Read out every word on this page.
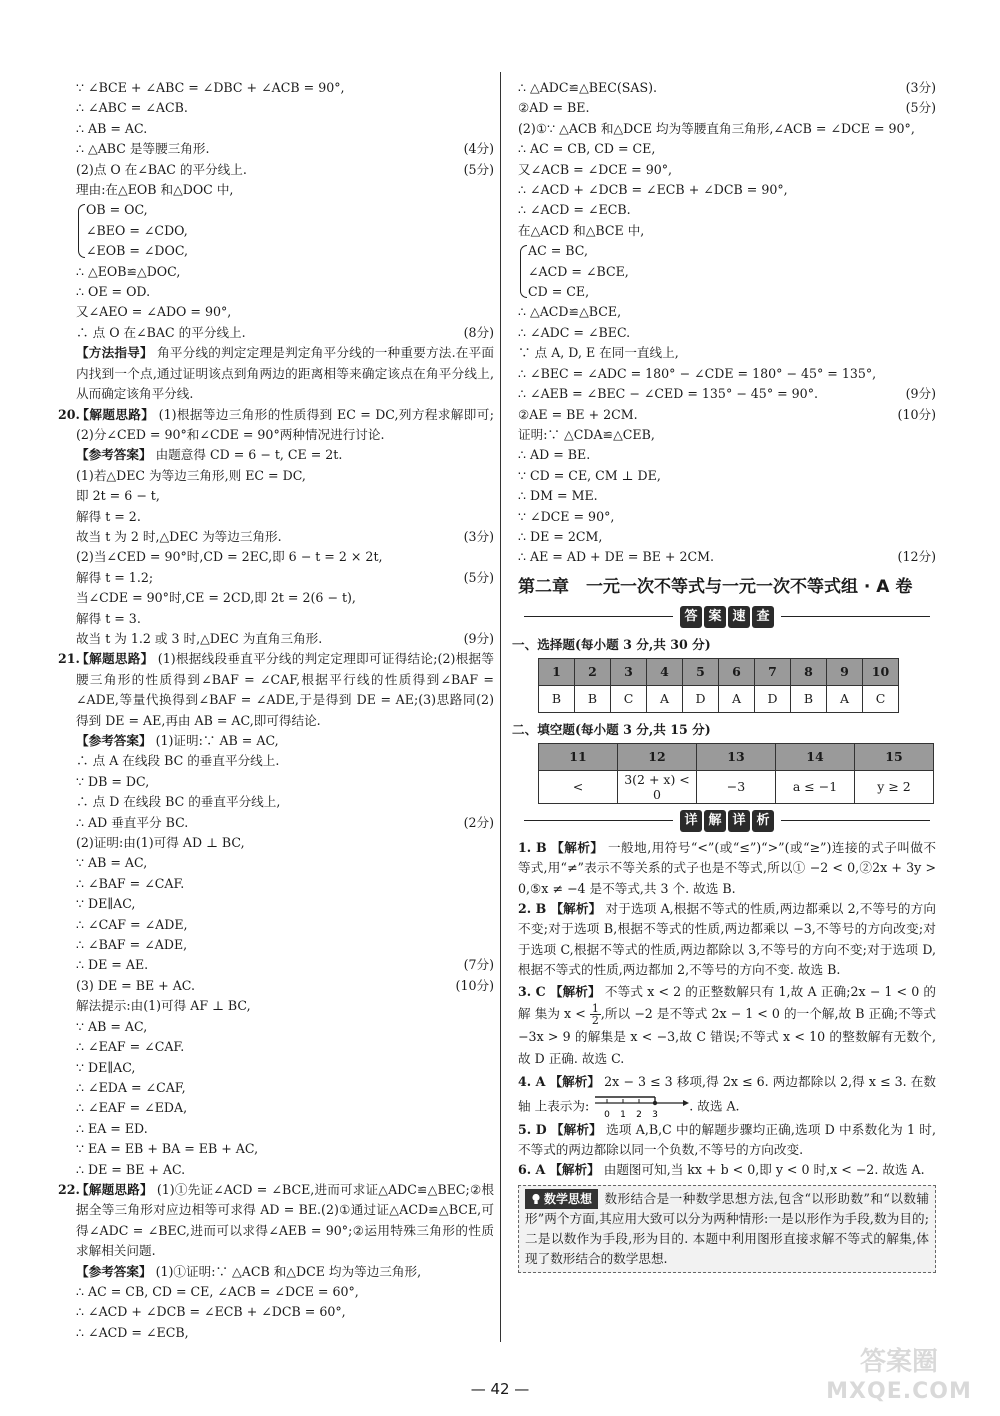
∵ ∠BCE + ∠ABC = ∠DBC + ∠ACB = 90°,
∴ ∠ABC = ∠ACB.
∴ AB = AC.
∴ △ABC 是等腰三角形.	(4分)
(2)点 O 在∠BAC 的平分线上.	(5分)
理由:在△EOB 和△DOC 中,
OB = OC,
∠BEO = ∠CDO,
∠EOB = ∠DOC,
∴ △EOB≌△DOC,
∴ OE = OD.
又∠AEO = ∠ADO = 90°,
∴ 点 O 在∠BAC 的平分线上.	(8分)
【方法指导】 角平分线的判定定理是判定角平分线的一种重要方法.在平面内找到一个点,通过证明该点到角两边的距离相等来确定该点在角平分线上,从而确定该角平分线.
20.【解题思路】 (1)根据等边三角形的性质得到 EC = DC,列方程求解即可;(2)分∠CED = 90°和∠CDE = 90°两种情况进行讨论.
【参考答案】 由题意得 CD = 6 − t, CE = 2t.
(1)若△DEC 为等边三角形,则 EC = DC,
即 2t = 6 − t,
解得 t = 2.
故当 t 为 2 时,△DEC 为等边三角形.	(3分)
(2)当∠CED = 90°时,CD = 2EC,即 6 − t = 2 × 2t,
解得 t = 1.2;	(5分)
当∠CDE = 90°时,CE = 2CD,即 2t = 2(6 − t),
解得 t = 3.
故当 t 为 1.2 或 3 时,△DEC 为直角三角形.	(9分)
21.【解题思路】 (1)根据线段垂直平分线的判定定理即可证得结论;(2)根据等腰三角形的性质得到∠BAF = ∠CAF,根据平行线的性质得到∠BAF = ∠ADE,等量代换得到∠BAF = ∠ADE,于是得到 DE = AE;(3)思路同(2)得到 DE = AE,再由 AB = AC,即可得结论.
【参考答案】 (1)证明:∵ AB = AC,
∴ 点 A 在线段 BC 的垂直平分线上.
∵ DB = DC,
∴ 点 D 在线段 BC 的垂直平分线上,
∴ AD 垂直平分 BC.	(2分)
(2)证明:由(1)可得 AD ⊥ BC,
∵ AB = AC,
∴ ∠BAF = ∠CAF.
∵ DE∥AC,
∴ ∠CAF = ∠ADE,
∴ ∠BAF = ∠ADE,
∴ DE = AE.	(7分)
(3) DE = BE + AC.	(10分)
解法提示:由(1)可得 AF ⊥ BC,
∵ AB = AC,
∴ ∠EAF = ∠CAF.
∵ DE∥AC,
∴ ∠EDA = ∠CAF,
∴ ∠EAF = ∠EDA,
∴ EA = ED.
∵ EA = EB + BA = EB + AC,
∴ DE = BE + AC.
22.【解题思路】 (1)①先证∠ACD = ∠BCE,进而可求证△ADC≌△BEC;②根据全等三角形对应边相等可求得 AD = BE.(2)①通过证△ACD≌△BCE,可得∠ADC = ∠BEC,进而可以求得∠AEB = 90°;②运用特殊三角形的性质求解相关问题.
【参考答案】 (1)①证明:∵ △ACB 和△DCE 均为等边三角形,
∴ AC = CB, CD = CE, ∠ACB = ∠DCE = 60°,
∴ ∠ACD + ∠DCB = ∠ECB + ∠DCB = 60°,
∴ ∠ACD = ∠ECB,
∴ △ADC≌△BEC(SAS).	(3分)
②AD = BE.	(5分)
(2)①∵ △ACB 和△DCE 均为等腰直角三角形,∠ACB = ∠DCE = 90°,
∴ AC = CB, CD = CE,
又∠ACB = ∠DCE = 90°,
∴ ∠ACD + ∠DCB = ∠ECB + ∠DCB = 90°,
∴ ∠ACD = ∠ECB.
在△ACD 和△BCE 中,
AC = BC,
∠ACD = ∠BCE,
CD = CE,
∴ △ACD≌△BCE,
∴ ∠ADC = ∠BEC.
∵ 点 A, D, E 在同一直线上,
∴ ∠BEC = ∠ADC = 180° − ∠CDE = 180° − 45° = 135°,
∴ ∠AEB = ∠BEC − ∠CED = 135° − 45° = 90°.	(9分)
②AE = BE + 2CM.	(10分)
证明:∵ △CDA≌△CEB,
∴ AD = BE.
∵ CD = CE, CM ⊥ DE,
∴ DM = ME.
∵ ∠DCE = 90°,
∴ DE = 2CM,
∴ AE = AD + DE = BE + 2CM.	(12分)
第二章　一元一次不等式与一元一次不等式组 · A 卷
答 案 速 查
一、选择题(每小题 3 分,共 30 分)
1	2	3	4	5	6	7	8	9	10
B	B	C	A	D	A	D	B	A	C
二、填空题(每小题 3 分,共 15 分)
11	12	13	14	15
<	3(2 + x) < 0	−3	a ≤ −1	y ≥ 2
详 解 详 析
1. B 【解析】 一般地,用符号“<”(或“≤”)“>”(或“≥”)连接的式子叫做不等式,用“≠”表示不等关系的式子也是不等式,所以① −2 < 0,②2x + 3y > 0,⑤x ≠ −4 是不等式,共 3 个. 故选 B.
2. B 【解析】 对于选项 A,根据不等式的性质,两边都乘以 2,不等号的方向不变;对于选项 B,根据不等式的性质,两边都乘以 −3,不等号的方向改变;对于选项 C,根据不等式的性质,两边都除以 3,不等号的方向不变;对于选项 D,根据不等式的性质,两边都加 2,不等号的方向不变. 故选 B.
3. C 【解析】 不等式 x < 2 的正整数解只有 1,故 A 正确;2x − 1 < 0 的解 集为 $x < \frac{1}{2}$ ,所以 −2 是不等式 2x − 1 < 0 的一个解,故 B 正确;不等式 −3x > 9 的解集是 x < −3,故 C 错误;不等式 x < 10 的整数解有无数个,故 D 正确. 故选 C.
4. A 【解析】 2x − 3 ≤ 3 移项,得 2x ≤ 6. 两边都除以 2,得 x ≤ 3. 在数轴 上表示为:
0 1 2 3
. 故选 A.
5. D 【解析】 选项 A,B,C 中的解题步骤均正确,选项 D 中系数化为 1 时,不等式的两边都除以同一个负数,不等号的方向改变.
6. A 【解析】 由题图可知,当 kx + b < 0,即 y < 0 时,x < −2. 故选 A.
数学思想 数形结合是一种数学思想方法,包含“以形助数”和“以数辅形”两个方面,其应用大致可以分为两种情形:一是以形作为手段,数为目的;二是以数作为手段,形为目的. 本题中利用图形直接求解不等式的解集,体现了数形结合的数学思想.
— 42 —
答案圈
MXQE.COM
